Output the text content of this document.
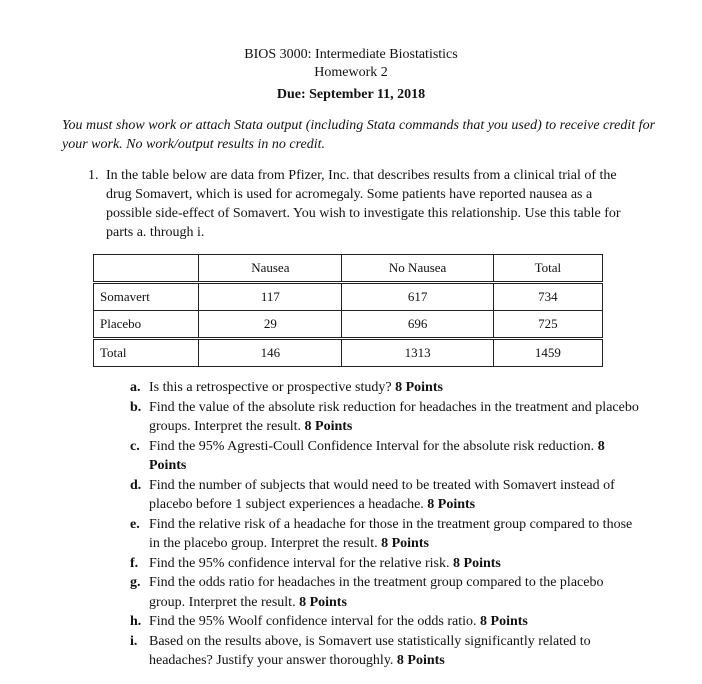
BIOS 3000: Intermediate Biostatistics
Homework 2
Due: September 11, 2018
You must show work or attach Stata output (including Stata commands that you used) to receive credit for your work. No work/output results in no credit.
1. In the table below are data from Pfizer, Inc. that describes results from a clinical trial of the drug Somavert, which is used for acromegaly. Some patients have reported nausea as a possible side-effect of Somavert. You wish to investigate this relationship. Use this table for parts a. through i.
	Nausea	No Nausea	Total
Somavert	117	617	734
Placebo	29	696	725
Total	146	1313	1459
a. Is this a retrospective or prospective study? 8 Points
b. Find the value of the absolute risk reduction for headaches in the treatment and placebo groups. Interpret the result. 8 Points
c. Find the 95% Agresti-Coull Confidence Interval for the absolute risk reduction. 8 Points
d. Find the number of subjects that would need to be treated with Somavert instead of placebo before 1 subject experiences a headache. 8 Points
e. Find the relative risk of a headache for those in the treatment group compared to those in the placebo group. Interpret the result. 8 Points
f. Find the 95% confidence interval for the relative risk. 8 Points
g. Find the odds ratio for headaches in the treatment group compared to the placebo group. Interpret the result. 8 Points
h. Find the 95% Woolf confidence interval for the odds ratio. 8 Points
i. Based on the results above, is Somavert use statistically significantly related to headaches? Justify your answer thoroughly. 8 Points
